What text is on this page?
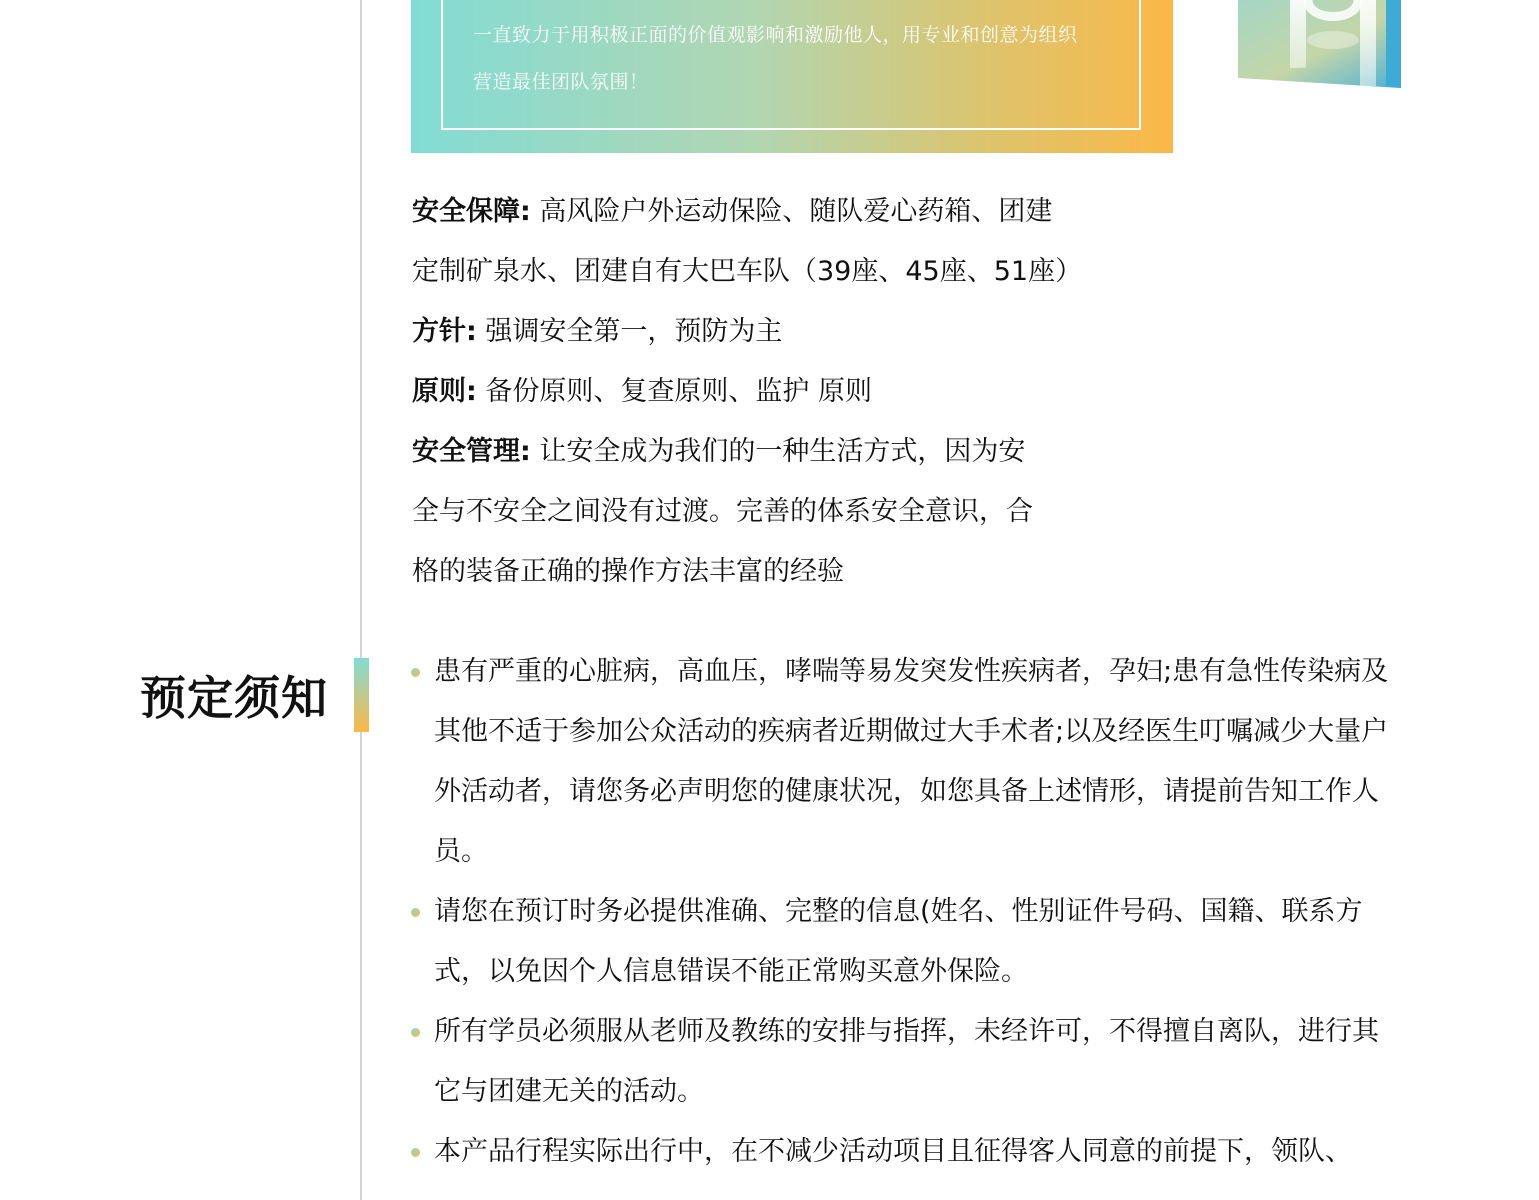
一直致力于用积极正面的价值观影响和激励他人，用专业和创意为组织
营造最佳团队氛围！

安全保障: 高风险户外运动保险、随队爱心药箱、团建

定制矿泉水、团建自有大巴车队（39座、45座、51座）

方针: 强调安全第一，预防为主

原则: 备份原则、复查原则、监护 原则

安全管理: 让安全成为我们的一种生活方式，因为安

全与不安全之间没有过渡。完善的体系安全意识，合

格的装备正确的操作方法丰富的经验

预定须知	患有严重的心脏病，高血压，哮喘等易发突发性疾病者，孕妇;患有急性传染病及其他不适于参加公众活动的疾病者近期做过大手术者;以及经医生叮嘱减少大量户外活动者，请您务必声明您的健康状况，如您具备上述情形，请提前告知工作人员。
请您在预订时务必提供准确、完整的信息(姓名、性别证件号码、国籍、联系方式，以免因个人信息错误不能正常购买意外保险。
所有学员必须服从老师及教练的安排与指挥，未经许可，不得擅自离队，进行其它与团建无关的活动。
本产品行程实际出行中，在不减少活动项目且征得客人同意的前提下，领队、
